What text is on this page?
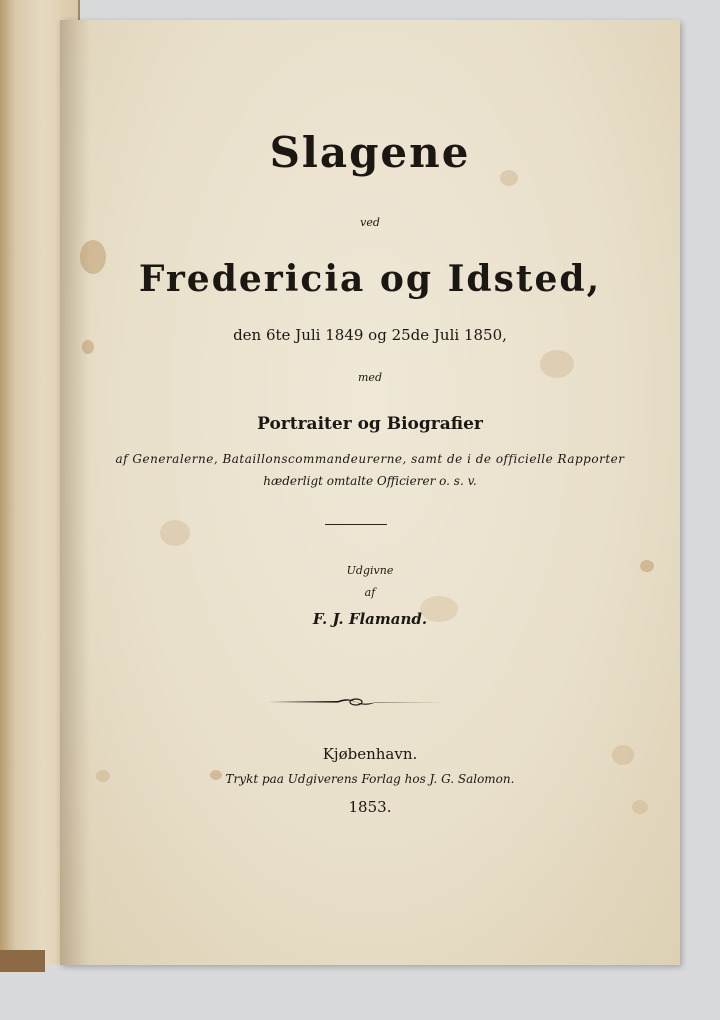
Slagene
ved
Fredericia og Idsted,
den 6te Juli 1849 og 25de Juli 1850,
med
Portraiter og Biografier
af Generalerne, Bataillonscommandeurerne, samt de i de officielle Rapporter
hæderligt omtalte Officierer o. s. v.
Udgivne
af
F. J. Flamand.
Kjøbenhavn.
Trykt paa Udgiverens Forlag hos J. G. Salomon.
1853.
